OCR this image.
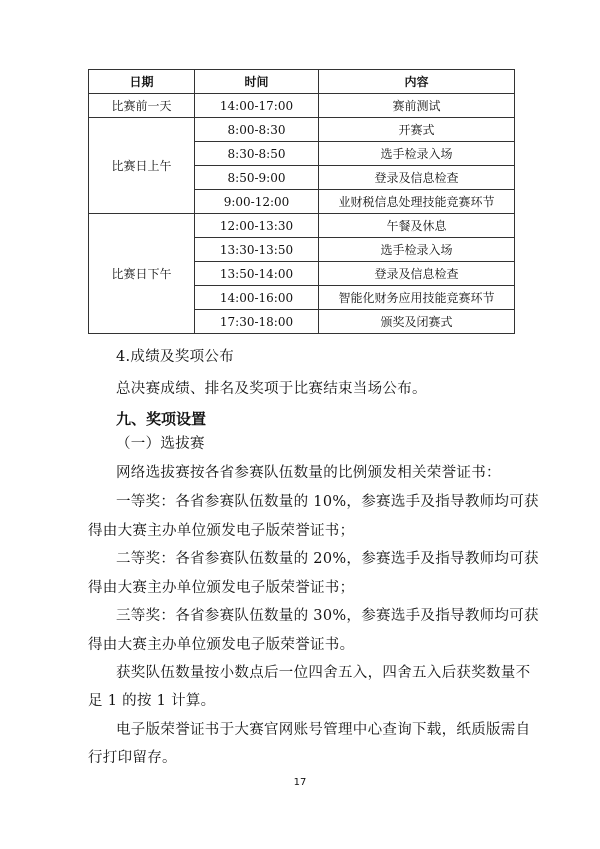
日期	时间	内容
比赛前一天	14:00-17:00	赛前测试
比赛日上午	8:00-8:30	开赛式
	8:30-8:50	选手检录入场
	8:50-9:00	登录及信息检查
	9:00-12:00	业财税信息处理技能竞赛环节
比赛日下午	12:00-13:30	午餐及休息
	13:30-13:50	选手检录入场
	13:50-14:00	登录及信息检查
	14:00-16:00	智能化财务应用技能竞赛环节
	17:30-18:00	颁奖及闭赛式
4.成绩及奖项公布
总决赛成绩、排名及奖项于比赛结束当场公布。
九、奖项设置
（一）选拔赛
网络选拔赛按各省参赛队伍数量的比例颁发相关荣誉证书：
一等奖：各省参赛队伍数量的 10%，参赛选手及指导教师均可获
得由大赛主办单位颁发电子版荣誉证书；
二等奖：各省参赛队伍数量的 20%，参赛选手及指导教师均可获
得由大赛主办单位颁发电子版荣誉证书；
三等奖：各省参赛队伍数量的 30%，参赛选手及指导教师均可获
得由大赛主办单位颁发电子版荣誉证书。
获奖队伍数量按小数点后一位四舍五入，四舍五入后获奖数量不
足 1 的按 1 计算。
电子版荣誉证书于大赛官网账号管理中心查询下载，纸质版需自
行打印留存。
17
